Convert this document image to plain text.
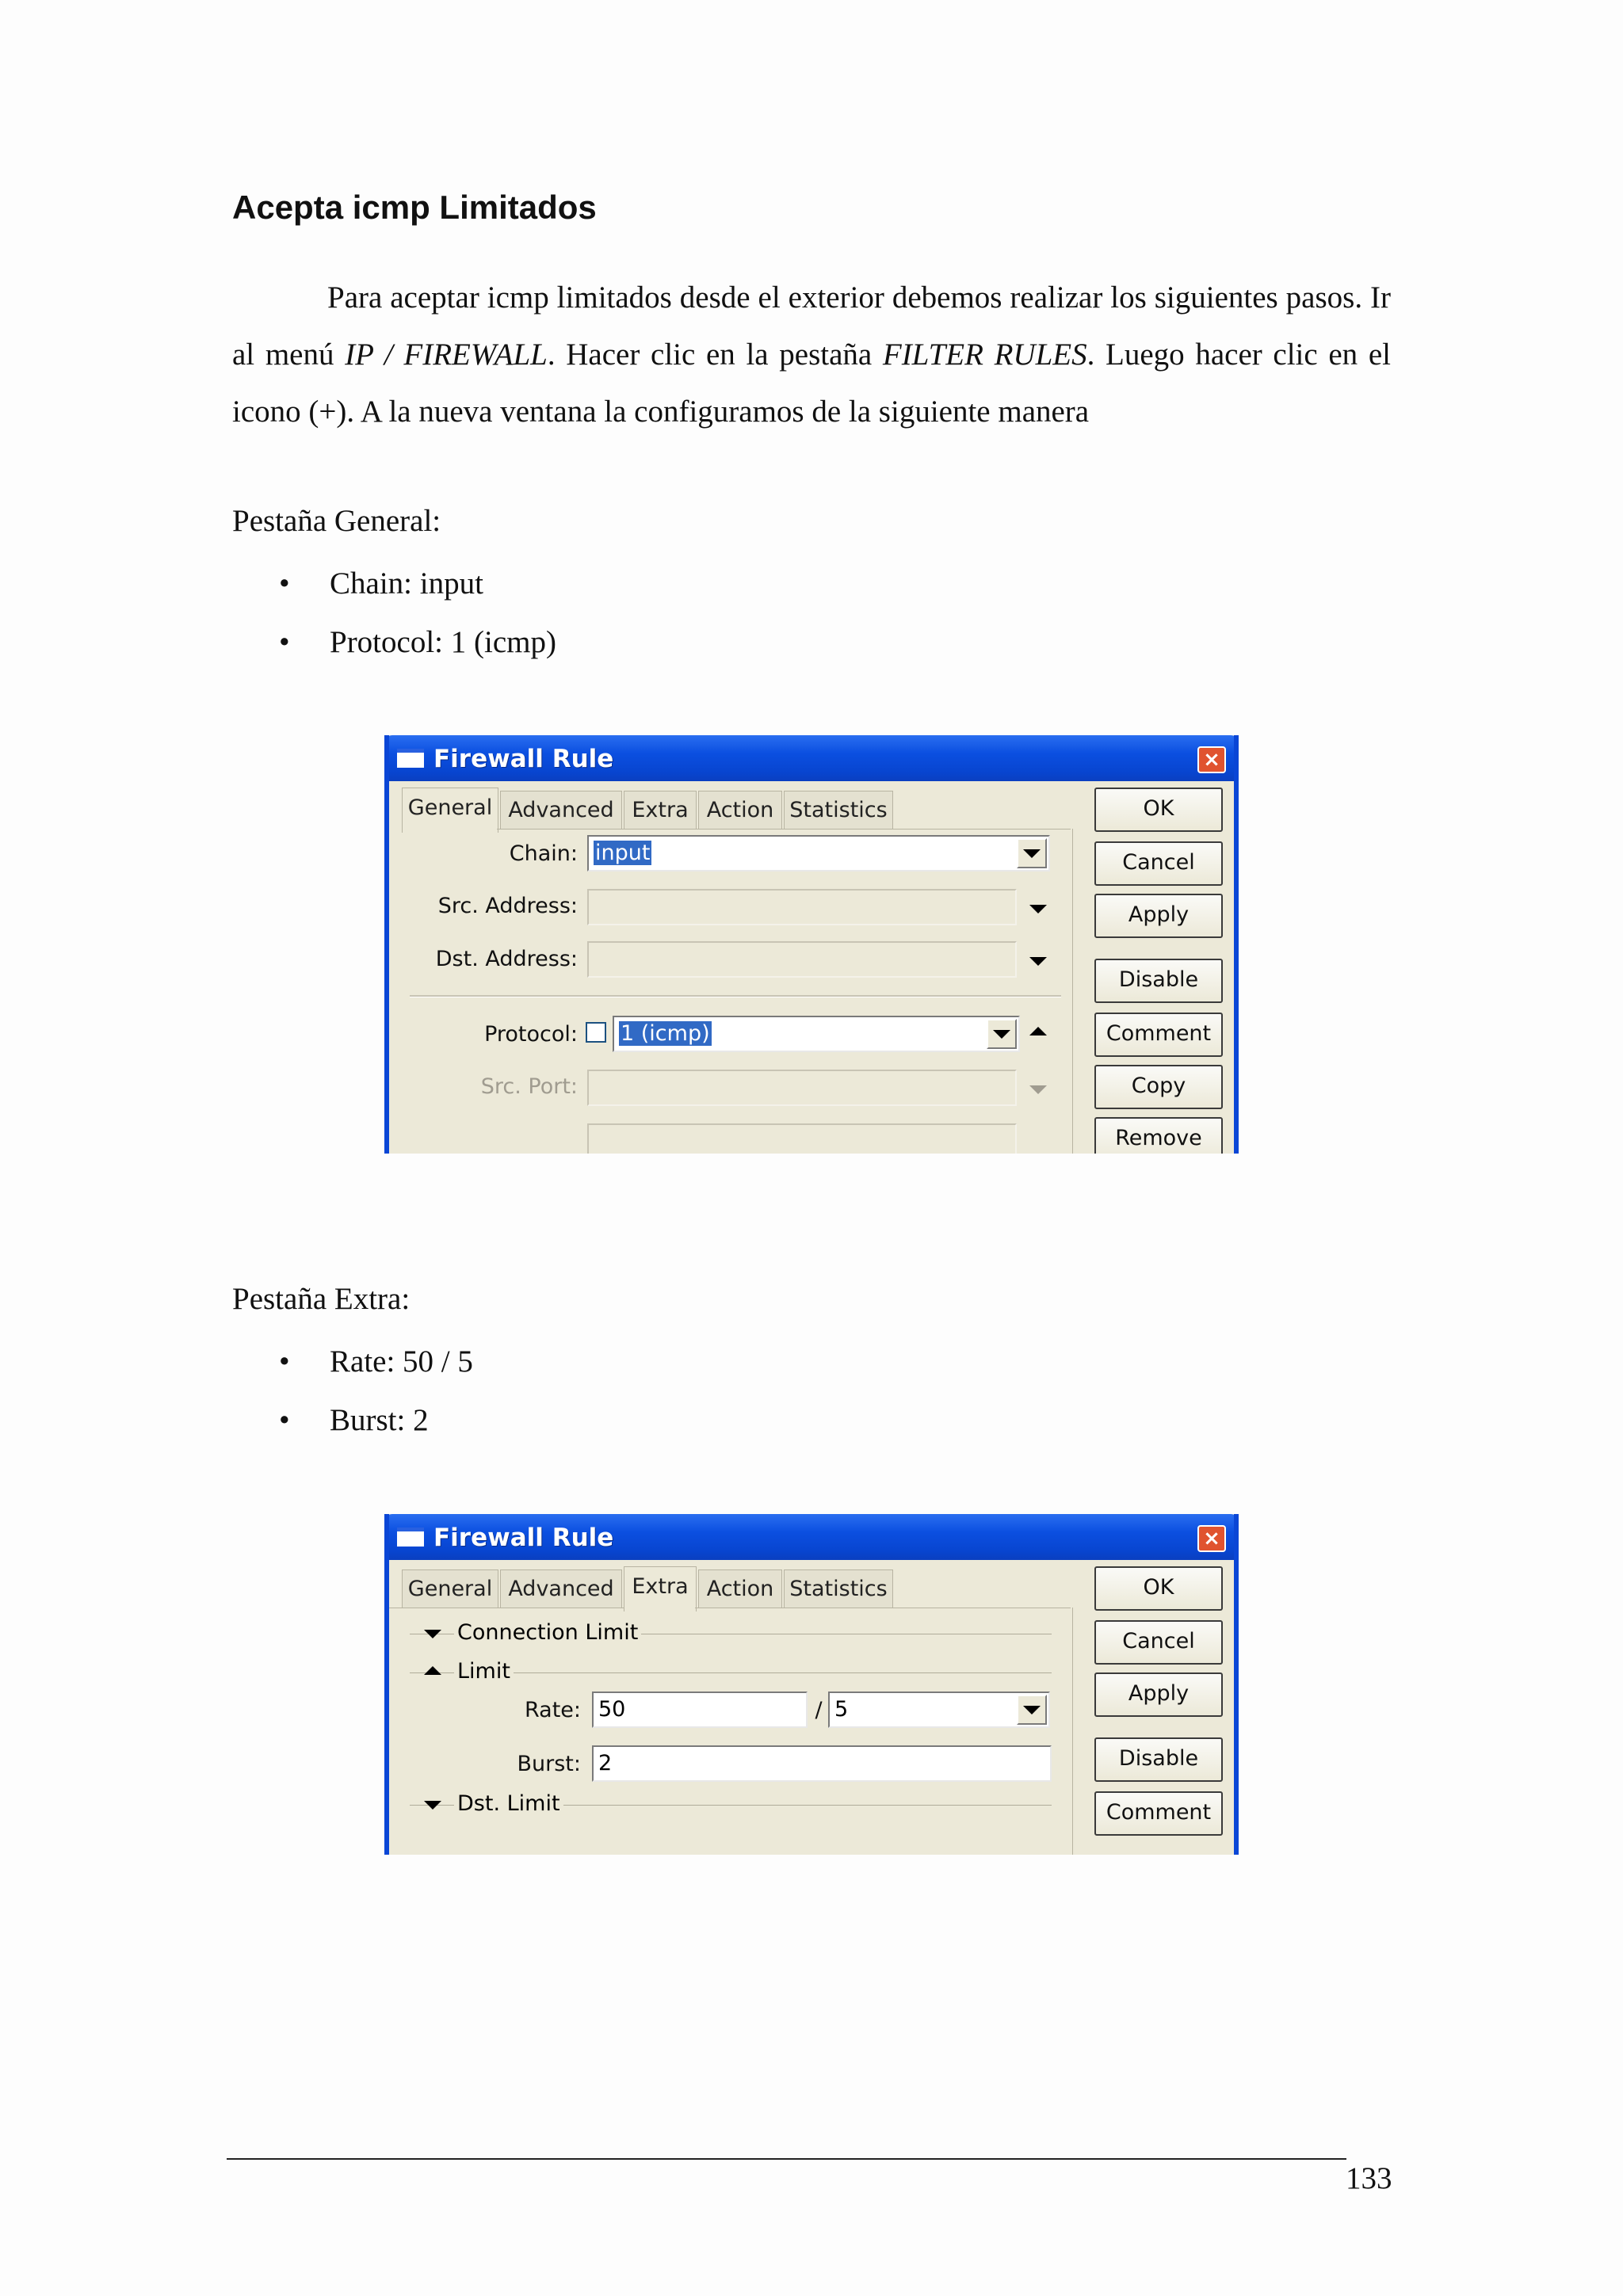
Acepta icmp Limitados

Para aceptar icmp limitados desde el exterior debemos realizar los siguientes pasos. Ir al menú IP / FIREWALL. Hacer clic en la pestaña FILTER RULES. Luego hacer clic en el icono (+). A la nueva ventana la configuramos de la siguiente manera

Pestaña General:

• Chain: input
• Protocol: 1 (icmp)
Firewall Rule	×
General Advanced Extra Action Statistics
Chain: input
Src. Address:
Dst. Address:
Protocol: 1 (icmp)
Src. Port:
OK
Cancel
Apply
Disable
Comment
Copy
Remove

Pestaña Extra:

• Rate: 50 / 5
• Burst: 2
Firewall Rule	×
General Advanced Extra Action Statistics
Connection Limit
Limit
Rate: 50	/ 5
Burst: 2
Dst. Limit
OK
Cancel
Apply
Disable
Comment
133
